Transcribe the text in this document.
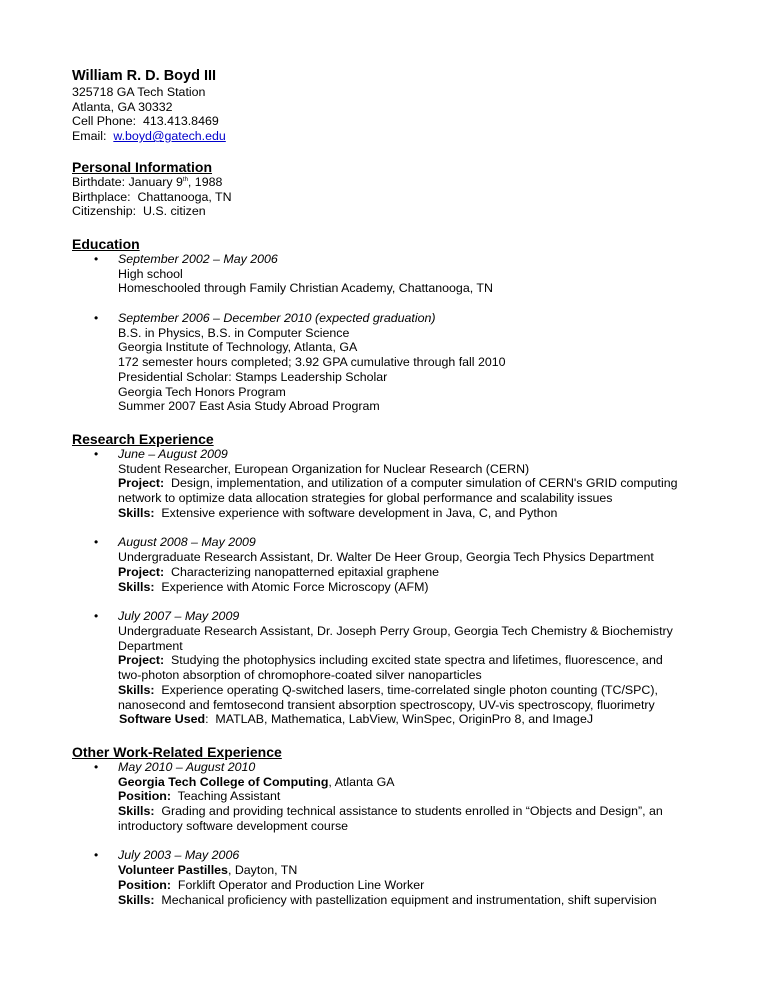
William R. D. Boyd III
325718 GA Tech Station
Atlanta, GA 30332
Cell Phone: 413.413.8469
Email: w.boyd@gatech.edu
Personal Information
Birthdate: January 9th, 1988
Birthplace: Chattanooga, TN
Citizenship: U.S. citizen
Education
• September 2002 – May 2006
High school
Homeschooled through Family Christian Academy, Chattanooga, TN
• September 2006 – December 2010 (expected graduation)
B.S. in Physics, B.S. in Computer Science
Georgia Institute of Technology, Atlanta, GA
172 semester hours completed; 3.92 GPA cumulative through fall 2010
Presidential Scholar: Stamps Leadership Scholar
Georgia Tech Honors Program
Summer 2007 East Asia Study Abroad Program
Research Experience
• June – August 2009
Student Researcher, European Organization for Nuclear Research (CERN)
Project: Design, implementation, and utilization of a computer simulation of CERN's GRID computing network to optimize data allocation strategies for global performance and scalability issues
Skills: Extensive experience with software development in Java, C, and Python
• August 2008 – May 2009
Undergraduate Research Assistant, Dr. Walter De Heer Group, Georgia Tech Physics Department
Project: Characterizing nanopatterned epitaxial graphene
Skills: Experience with Atomic Force Microscopy (AFM)
• July 2007 – May 2009
Undergraduate Research Assistant, Dr. Joseph Perry Group, Georgia Tech Chemistry & Biochemistry Department
Project: Studying the photophysics including excited state spectra and lifetimes, fluorescence, and two-photon absorption of chromophore-coated silver nanoparticles
Skills: Experience operating Q-switched lasers, time-correlated single photon counting (TC/SPC), nanosecond and femtosecond transient absorption spectroscopy, UV-vis spectroscopy, fluorimetry
Software Used:  MATLAB, Mathematica, LabView, WinSpec, OriginPro 8, and ImageJ
Other Work-Related Experience
• May 2010 – August 2010
Georgia Tech College of Computing, Atlanta GA
Position: Teaching Assistant
Skills: Grading and providing technical assistance to students enrolled in “Objects and Design”, an introductory software development course
• July 2003 – May 2006
Volunteer Pastilles, Dayton, TN
Position: Forklift Operator and Production Line Worker
Skills: Mechanical proficiency with pastellization equipment and instrumentation, shift supervision
